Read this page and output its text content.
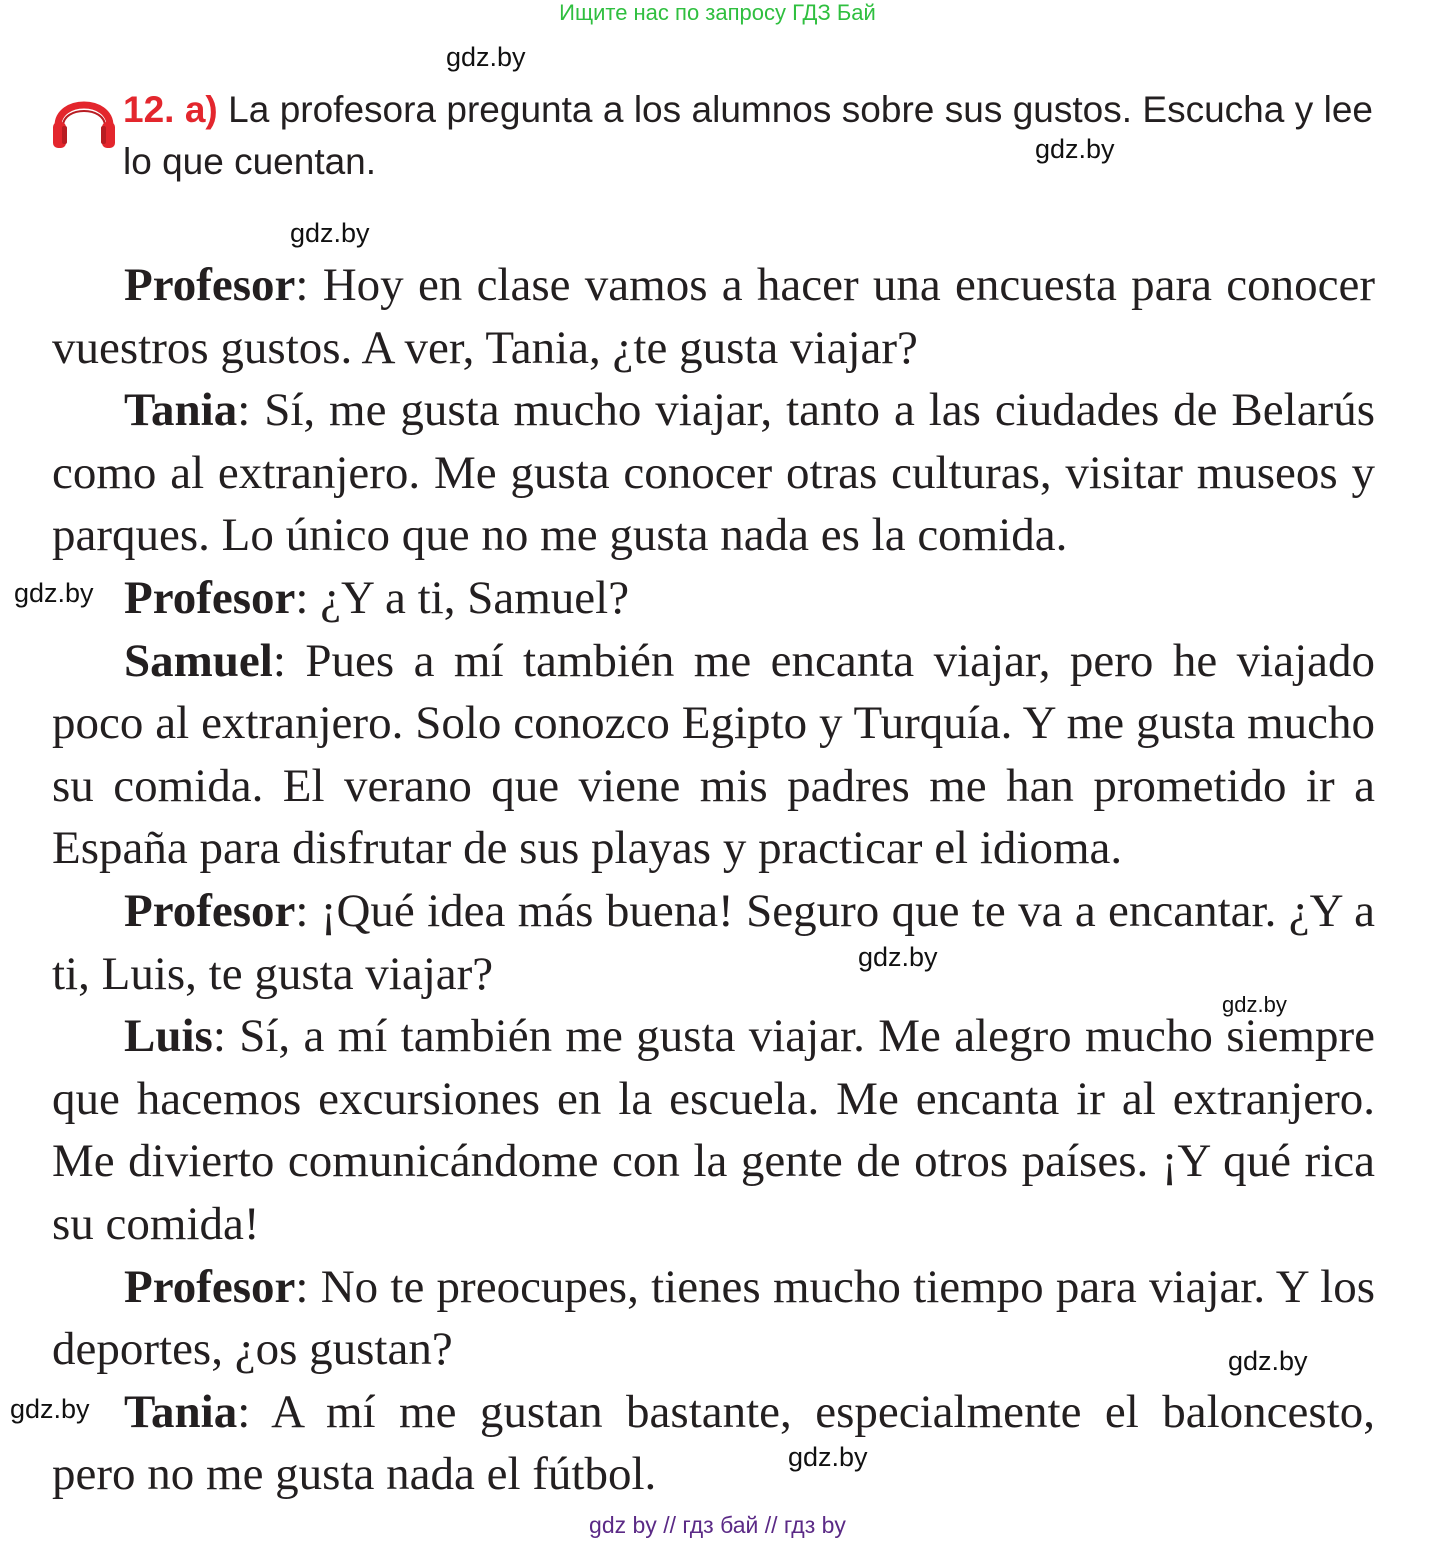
Ищите нас по запросу ГДЗ Бай
gdz.by
gdz.by
gdz.by
gdz.by
gdz.by
gdz.by
gdz.by
gdz.by
gdz.by
12. а) La profesora pregunta a los alumnos sobre sus gustos. Escucha y lee lo que cuentan.

Profesor: Hoy en clase vamos a hacer una encuesta para conocer vuestros gustos. A ver, Tania, ¿te gusta viajar?

Tania: Sí, me gusta mucho viajar, tanto a las ciudades de Belarús como al extranjero. Me gusta conocer otras culturas, visitar museos y parques. Lo único que no me gusta nada es la comida.

Profesor: ¿Y a ti, Samuel?

Samuel: Pues a mí también me encanta viajar, pero he viajado poco al extranjero. Solo conozco Egipto y Turquía. Y me gusta mucho su comida. El verano que viene mis padres me han prometido ir a España para disfrutar de sus playas y practicar el idioma.

Profesor: ¡Qué idea más buena! Seguro que te va a encantar. ¿Y a ti, Luis, te gusta viajar?

Luis: Sí, a mí también me gusta viajar. Me alegro mucho siempre que hacemos excursiones en la escuela. Me encanta ir al extranjero. Me divierto comunicándome con la gente de otros países. ¡Y qué rica su comida!

Profesor: No te preocupes, tienes mucho tiempo para viajar. Y los deportes, ¿os gustan?

Tania: A mí me gustan bastante, especialmente el baloncesto, pero no me gusta nada el fútbol.

gdz by // гдз бай // гдз by
